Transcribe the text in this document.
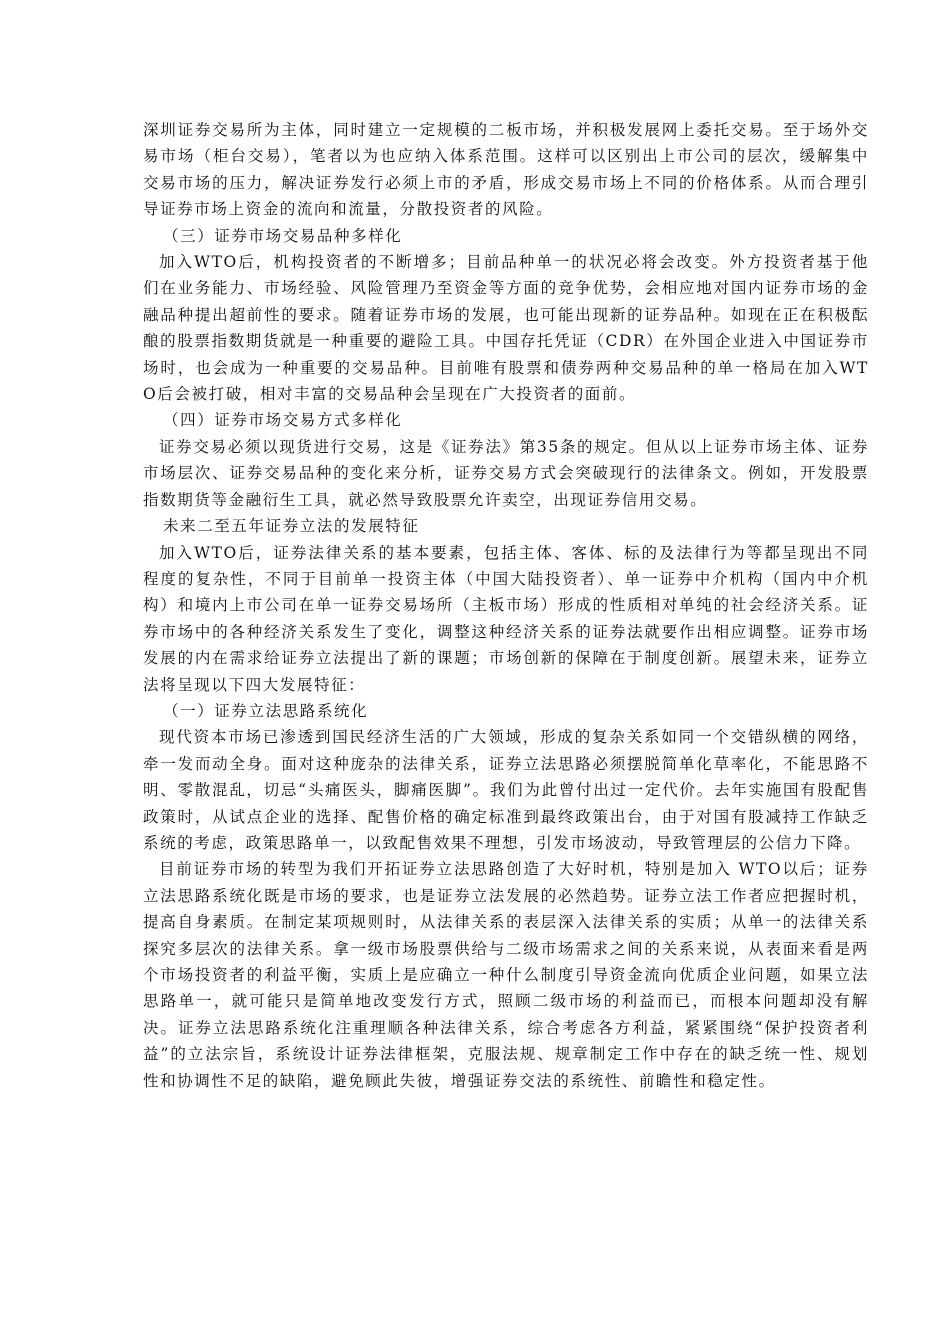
深圳证券交易所为主体，同时建立一定规模的二板市场，并积极发展网上委托交易。至于场外交易市场（柜台交易），笔者以为也应纳入体系范围。这样可以区别出上市公司的层次，缓解集中交易市场的压力，解决证券发行必须上市的矛盾，形成交易市场上不同的价格体系。从而合理引导证券市场上资金的流向和流量，分散投资者的风险。

（三）证券市场交易品种多样化

加入WTO后，机构投资者的不断增多；目前品种单一的状况必将会改变。外方投资者基于他们在业务能力、市场经验、风险管理乃至资金等方面的竞争优势，会相应地对国内证券市场的金融品种提出超前性的要求。随着证券市场的发展，也可能出现新的证券品种。如现在正在积极酝酿的股票指数期货就是一种重要的避险工具。中国存托凭证（CDR）在外国企业进入中国证券市场时，也会成为一种重要的交易品种。目前唯有股票和债券两种交易品种的单一格局在加入WTO后会被打破，相对丰富的交易品种会呈现在广大投资者的面前。

（四）证券市场交易方式多样化

证券交易必须以现货进行交易，这是《证券法》第35条的规定。但从以上证券市场主体、证券市场层次、证券交易品种的变化来分析，证券交易方式会突破现行的法律条文。例如，开发股票指数期货等金融衍生工具，就必然导致股票允许卖空，出现证券信用交易。

未来二至五年证券立法的发展特征

加入WTO后，证券法律关系的基本要素，包括主体、客体、标的及法律行为等都呈现出不同程度的复杂性，不同于目前单一投资主体（中国大陆投资者）、单一证券中介机构（国内中介机构）和境内上市公司在单一证券交易场所（主板市场）形成的性质相对单纯的社会经济关系。证券市场中的各种经济关系发生了变化，调整这种经济关系的证券法就要作出相应调整。证券市场发展的内在需求给证券立法提出了新的课题；市场创新的保障在于制度创新。展望未来，证券立法将呈现以下四大发展特征：

（一）证券立法思路系统化

现代资本市场已渗透到国民经济生活的广大领域，形成的复杂关系如同一个交错纵横的网络，牵一发而动全身。面对这种庞杂的法律关系，证券立法思路必须摆脱简单化草率化，不能思路不明、零散混乱，切忌“头痛医头，脚痛医脚”。我们为此曾付出过一定代价。去年实施国有股配售政策时，从试点企业的选择、配售价格的确定标准到最终政策出台，由于对国有股减持工作缺乏系统的考虑，政策思路单一，以致配售效果不理想，引发市场波动，导致管理层的公信力下降。

目前证券市场的转型为我们开拓证券立法思路创造了大好时机，特别是加入 WTO以后；证券立法思路系统化既是市场的要求，也是证券立法发展的必然趋势。证券立法工作者应把握时机，提高自身素质。在制定某项规则时，从法律关系的表层深入法律关系的实质；从单一的法律关系探究多层次的法律关系。拿一级市场股票供给与二级市场需求之间的关系来说，从表面来看是两个市场投资者的利益平衡，实质上是应确立一种什么制度引导资金流向优质企业问题，如果立法思路单一，就可能只是简单地改变发行方式，照顾二级市场的利益而已，而根本问题却没有解决。证券立法思路系统化注重理顺各种法律关系，综合考虑各方利益，紧紧围绕“保护投资者利益”的立法宗旨，系统设计证券法律框架，克服法规、规章制定工作中存在的缺乏统一性、规划性和协调性不足的缺陷，避免顾此失彼，增强证券交法的系统性、前瞻性和稳定性。
